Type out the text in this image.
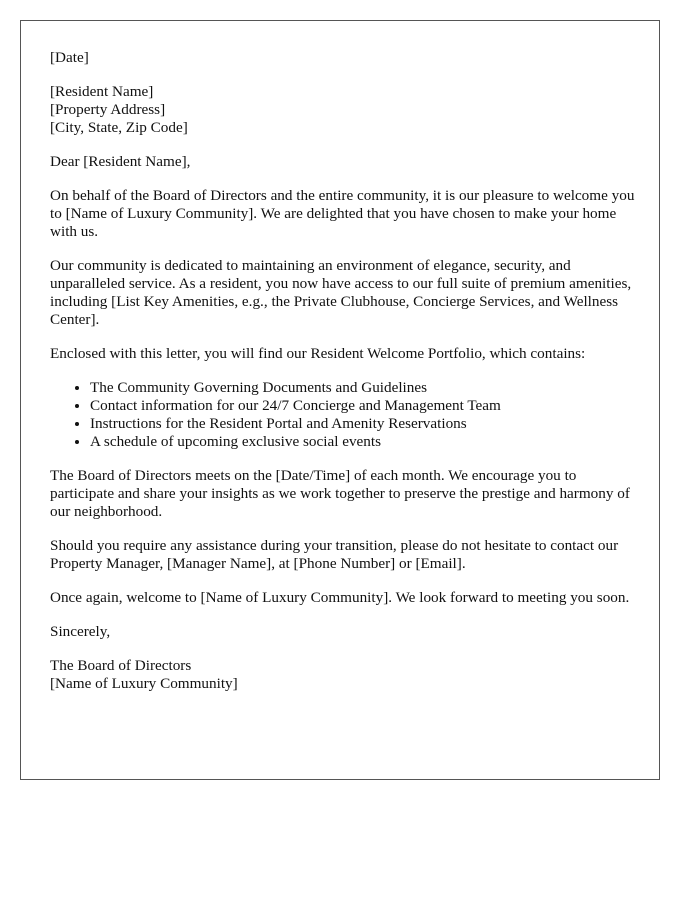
[Date]

[Resident Name]
[Property Address]
[City, State, Zip Code]

Dear [Resident Name],

On behalf of the Board of Directors and the entire community, it is our pleasure to welcome you to [Name of Luxury Community]. We are delighted that you have chosen to make your home with us.

Our community is dedicated to maintaining an environment of elegance, security, and unparalleled service. As a resident, you now have access to our full suite of premium amenities, including [List Key Amenities, e.g., the Private Clubhouse, Concierge Services, and Wellness Center].

Enclosed with this letter, you will find our Resident Welcome Portfolio, which contains:

• The Community Governing Documents and Guidelines
• Contact information for our 24/7 Concierge and Management Team
• Instructions for the Resident Portal and Amenity Reservations
• A schedule of upcoming exclusive social events

The Board of Directors meets on the [Date/Time] of each month. We encourage you to participate and share your insights as we work together to preserve the prestige and harmony of our neighborhood.

Should you require any assistance during your transition, please do not hesitate to contact our Property Manager, [Manager Name], at [Phone Number] or [Email].

Once again, welcome to [Name of Luxury Community]. We look forward to meeting you soon.

Sincerely,

The Board of Directors
[Name of Luxury Community]
